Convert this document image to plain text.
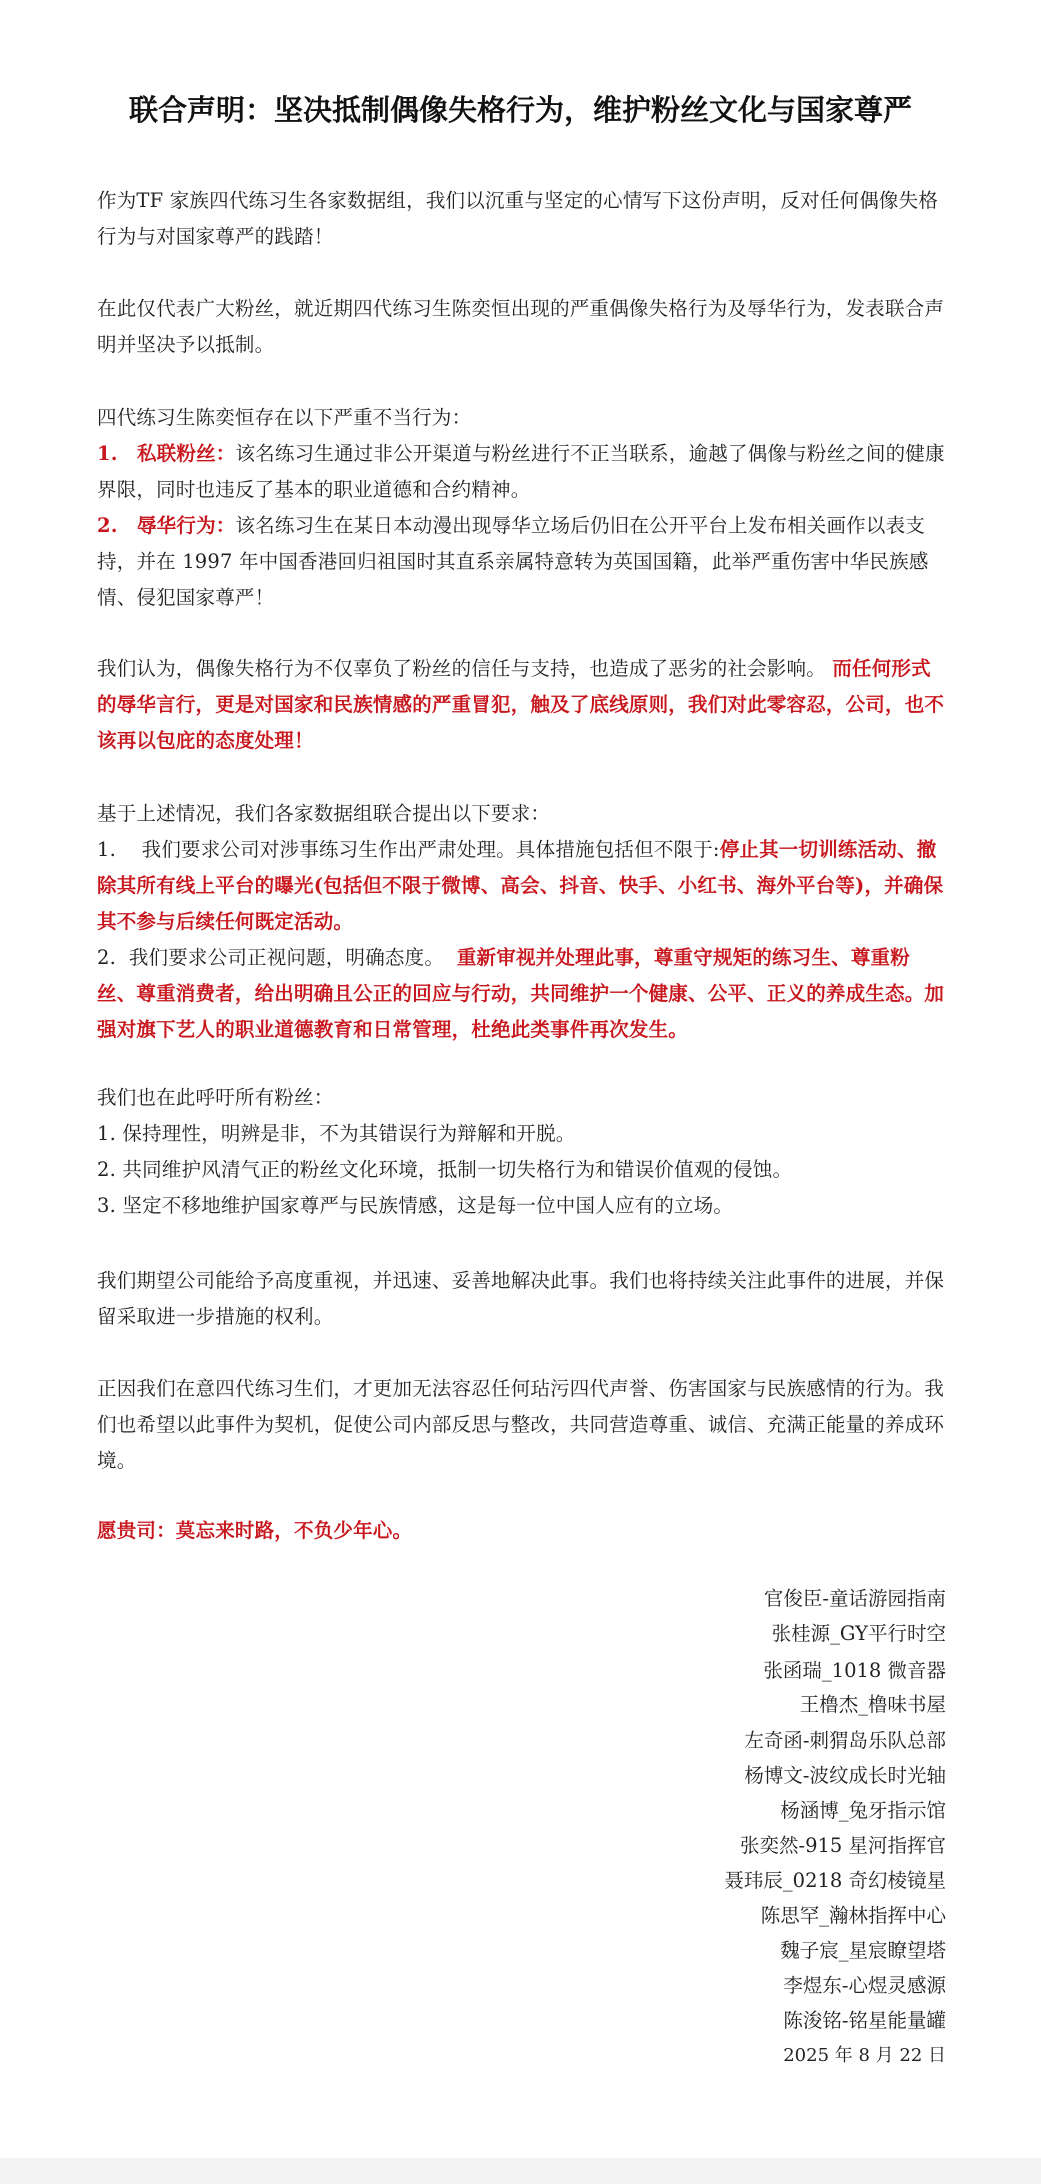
联合声明：坚决抵制偶像失格行为，维护粉丝文化与国家尊严

作为TF 家族四代练习生各家数据组，我们以沉重与坚定的心情写下这份声明，反对任何偶像失格行为与对国家尊严的践踏！

在此仅代表广大粉丝，就近期四代练习生陈奕恒出现的严重偶像失格行为及辱华行为，发表联合声明并坚决予以抵制。

四代练习生陈奕恒存在以下严重不当行为：

1. 私联粉丝：该名练习生通过非公开渠道与粉丝进行不正当联系，逾越了偶像与粉丝之间的健康界限，同时也违反了基本的职业道德和合约精神。

2. 辱华行为：该名练习生在某日本动漫出现辱华立场后仍旧在公开平台上发布相关画作以表支持，并在 1997 年中国香港回归祖国时其直系亲属特意转为英国国籍，此举严重伤害中华民族感情、侵犯国家尊严！

我们认为，偶像失格行为不仅辜负了粉丝的信任与支持，也造成了恶劣的社会影响。 而任何形式的辱华言行，更是对国家和民族情感的严重冒犯，触及了底线原则，我们对此零容忍，公司，也不该再以包庇的态度处理！

基于上述情况，我们各家数据组联合提出以下要求：

1. 我们要求公司对涉事练习生作出严肃处理。具体措施包括但不限于:停止其一切训练活动、撤除其所有线上平台的曝光(包括但不限于微博、高会、抖音、快手、小红书、海外平台等)，并确保其不参与后续任何既定活动。

2. 我们要求公司正视问题，明确态度。 重新审视并处理此事，尊重守规矩的练习生、尊重粉丝、尊重消费者，给出明确且公正的回应与行动，共同维护一个健康、公平、正义的养成生态。加强对旗下艺人的职业道德教育和日常管理，杜绝此类事件再次发生。

我们也在此呼吁所有粉丝：

1. 保持理性，明辨是非，不为其错误行为辩解和开脱。

2. 共同维护风清气正的粉丝文化环境，抵制一切失格行为和错误价值观的侵蚀。

3. 坚定不移地维护国家尊严与民族情感，这是每一位中国人应有的立场。

我们期望公司能给予高度重视，并迅速、妥善地解决此事。我们也将持续关注此事件的进展，并保留采取进一步措施的权利。

正因我们在意四代练习生们，才更加无法容忍任何玷污四代声誉、伤害国家与民族感情的行为。我们也希望以此事件为契机，促使公司内部反思与整改，共同营造尊重、诚信、充满正能量的养成环境。

愿贵司：莫忘来时路，不负少年心。

官俊臣-童话游园指南
张桂源_GY平行时空
张函瑞_1018 微音器
王橹杰_橹味书屋
左奇函-刺猬岛乐队总部
杨博文-波纹成长时光轴
杨涵博_兔牙指示馆
张奕然-915 星河指挥官
聂玮辰_0218 奇幻棱镜星
陈思罕_瀚林指挥中心
魏子宸_星宸瞭望塔
李煜东-心煜灵感源
陈浚铭-铭星能量罐
2025 年 8 月 22 日
